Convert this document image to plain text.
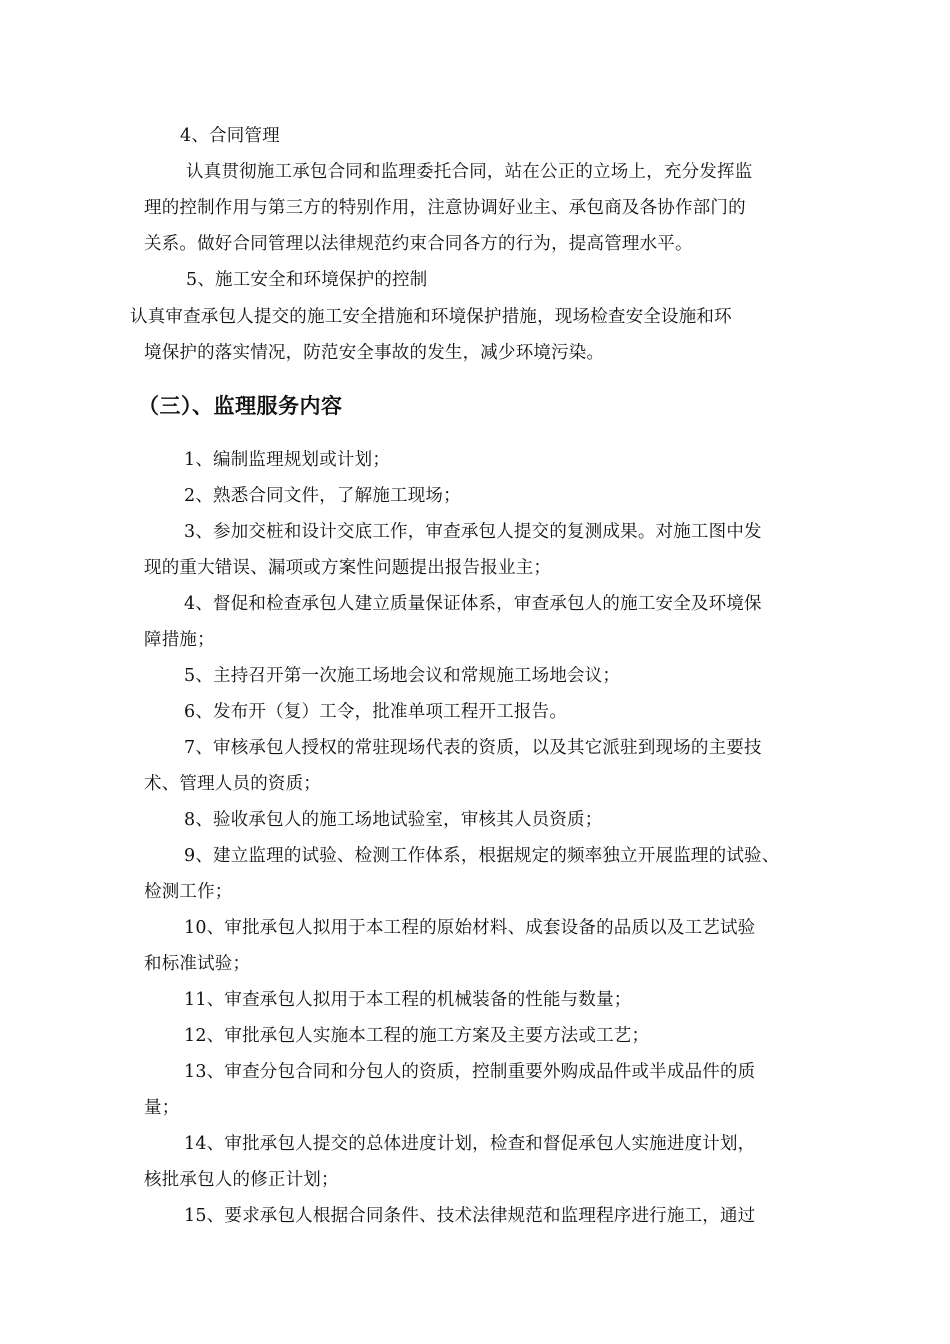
4、合同管理
认真贯彻施工承包合同和监理委托合同，站在公正的立场上，充分发挥监
理的控制作用与第三方的特别作用，注意协调好业主、承包商及各协作部门的
关系。做好合同管理以法律规范约束合同各方的行为，提高管理水平。
5、施工安全和环境保护的控制
认真审查承包人提交的施工安全措施和环境保护措施，现场检查安全设施和环
境保护的落实情况，防范安全事故的发生，减少环境污染。
（三）、监理服务内容
1、编制监理规划或计划；
2、熟悉合同文件，了解施工现场；
3、参加交桩和设计交底工作，审查承包人提交的复测成果。对施工图中发
现的重大错误、漏项或方案性问题提出报告报业主；
4、督促和检查承包人建立质量保证体系，审查承包人的施工安全及环境保
障措施；
5、主持召开第一次施工场地会议和常规施工场地会议；
6、发布开（复）工令，批准单项工程开工报告。
7、审核承包人授权的常驻现场代表的资质，以及其它派驻到现场的主要技
术、管理人员的资质；
8、验收承包人的施工场地试验室，审核其人员资质；
9、建立监理的试验、检测工作体系，根据规定的频率独立开展监理的试验、
检测工作；
10、审批承包人拟用于本工程的原始材料、成套设备的品质以及工艺试验
和标准试验；
11、审查承包人拟用于本工程的机械装备的性能与数量；
12、审批承包人实施本工程的施工方案及主要方法或工艺；
13、审查分包合同和分包人的资质，控制重要外购成品件或半成品件的质
量；
14、审批承包人提交的总体进度计划，检查和督促承包人实施进度计划，
核批承包人的修正计划；
15、要求承包人根据合同条件、技术法律规范和监理程序进行施工，通过
